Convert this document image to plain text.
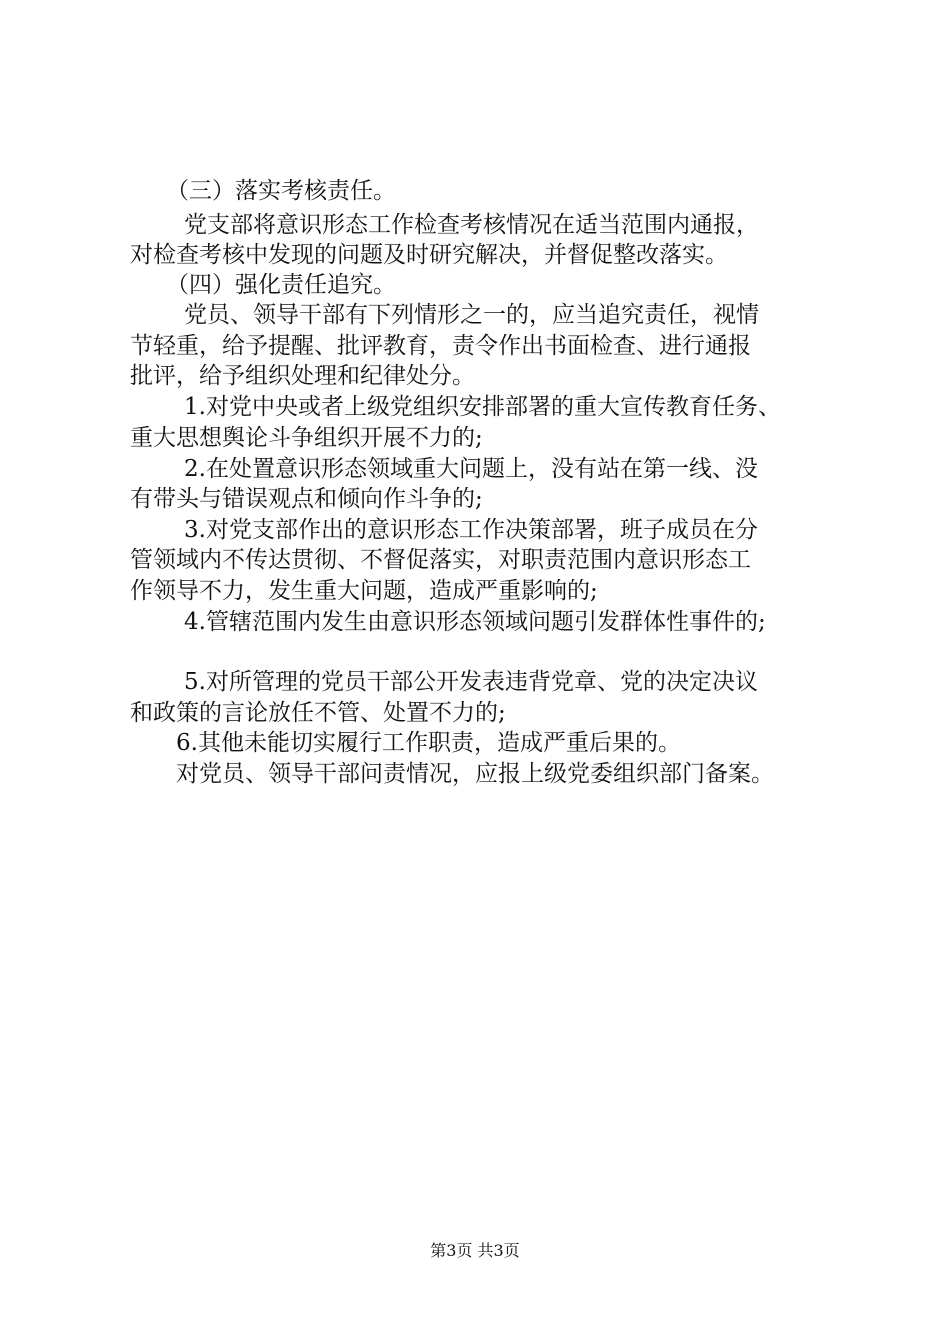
（三）落实考核责任。
党支部将意识形态工作检查考核情况在适当范围内通报，
对检查考核中发现的问题及时研究解决，并督促整改落实。
（四）强化责任追究。
党员、领导干部有下列情形之一的，应当追究责任，视情
节轻重，给予提醒、批评教育，责令作出书面检查、进行通报
批评，给予组织处理和纪律处分。
1.对党中央或者上级党组织安排部署的重大宣传教育任务、
重大思想舆论斗争组织开展不力的;
2.在处置意识形态领域重大问题上，没有站在第一线、没
有带头与错误观点和倾向作斗争的;
3.对党支部作出的意识形态工作决策部署，班子成员在分
管领域内不传达贯彻、不督促落实，对职责范围内意识形态工
作领导不力，发生重大问题，造成严重影响的;
4.管辖范围内发生由意识形态领域问题引发群体性事件的;
5.对所管理的党员干部公开发表违背党章、党的决定决议
和政策的言论放任不管、处置不力的;
6.其他未能切实履行工作职责，造成严重后果的。
对党员、领导干部问责情况，应报上级党委组织部门备案。
第3页 共3页
